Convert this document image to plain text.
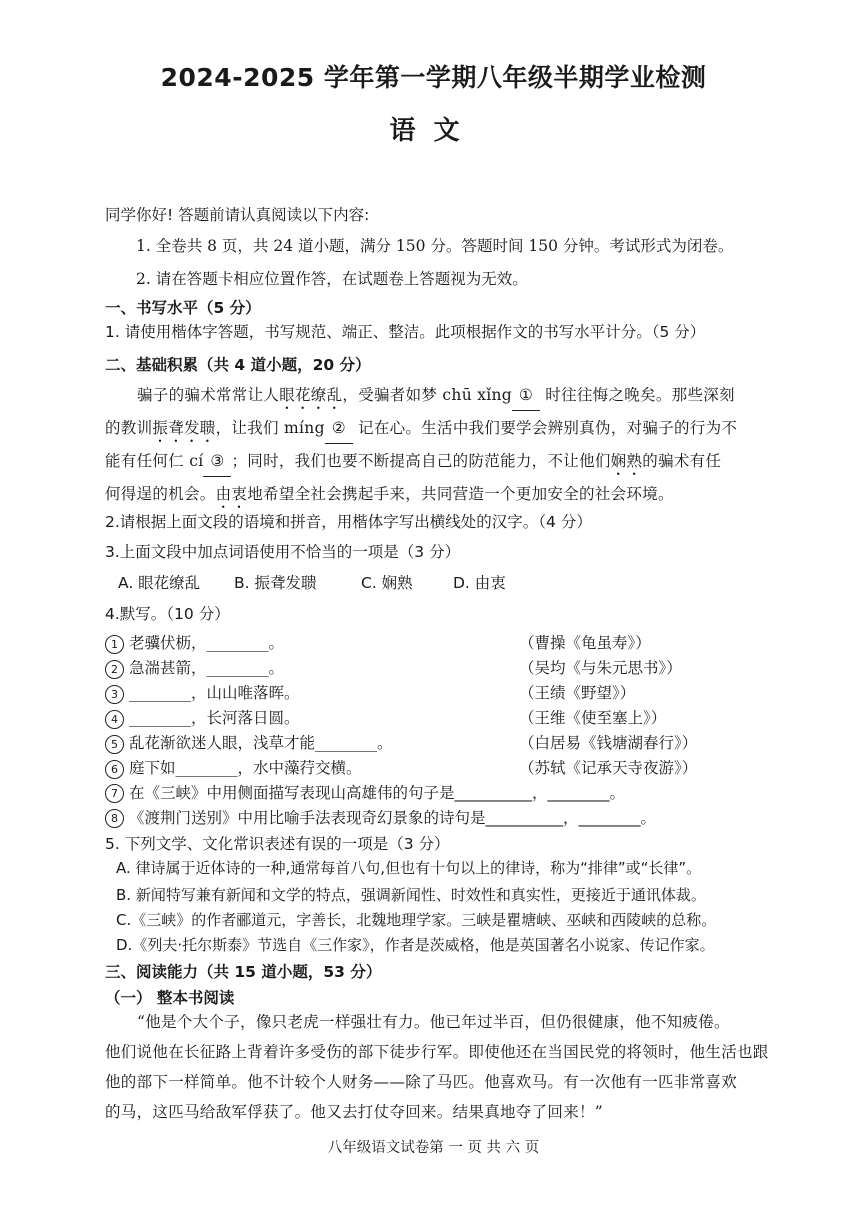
2024-2025 学年第一学期八年级半期学业检测
语文
同学你好! 答题前请认真阅读以下内容:
1. 全卷共 8 页，共 24 道小题，满分 150 分。答题时间 150 分钟。考试形式为闭卷。
2. 请在答题卡相应位置作答，在试题卷上答题视为无效。
一、书写水平（5 分）
1. 请使用楷体字答题，书写规范、端正、整洁。此项根据作文的书写水平计分。（5 分）
二、基础积累（共 4 道小题，20 分）
骗子的骗术常常让人眼花缭乱，受骗者如梦 chū xǐng ① 时往往悔之晚矣。那些深刻
的教训振聋发聩，让我们 míng ② 记在心。生活中我们要学会辨别真伪，对骗子的行为不
能有任何仁 cí ③ ；同时，我们也要不断提高自己的防范能力，不让他们娴熟的骗术有任
何得逞的机会。由衷地希望全社会携起手来，共同营造一个更加安全的社会环境。
2.请根据上面文段的语境和拼音，用楷体字写出横线处的汉字。（4 分）
3.上面文段中加点词语使用不恰当的一项是（3 分）
A. 眼花缭乱 B. 振聋发聩	C. 娴熟	D. 由衷
4.默写。（10 分）
1 老骥伏枥，________。	（曹操《龟虽寿》）
2 急湍甚箭，________。	（吴均《与朱元思书》）
3 ________，山山唯落晖。	（王绩《野望》）
4 ________，长河落日圆。	（王维《使至塞上》）
5 乱花渐欲迷人眼，浅草才能________。	（白居易《钱塘湖春行》）
6 庭下如________，水中藻荇交横。	（苏轼《记承天寺夜游》）
7 在《三峡》中用侧面描写表现山高雄伟的句子是__________，________。
8 《渡荆门送别》中用比喻手法表现奇幻景象的诗句是__________，________。
5. 下列文学、文化常识表述有误的一项是（3 分）
A. 律诗属于近体诗的一种,通常每首八句,但也有十句以上的律诗，称为“排律”或“长律”。
B. 新闻特写兼有新闻和文学的特点，强调新闻性、时效性和真实性，更接近于通讯体裁。
C.《三峡》的作者郦道元，字善长，北魏地理学家。三峡是瞿塘峡、巫峡和西陵峡的总称。
D.《列夫·托尔斯泰》节选自《三作家》，作者是茨威格，他是英国著名小说家、传记作家。
三、阅读能力（共 15 道小题，53 分）
（一） 整本书阅读
“他是个大个子，像只老虎一样强壮有力。他已年过半百，但仍很健康，他不知疲倦。
他们说他在长征路上背着许多受伤的部下徒步行军。即使他还在当国民党的将领时，他生活也跟
他的部下一样简单。他不计较个人财务——除了马匹。他喜欢马。有一次他有一匹非常喜欢
的马，这匹马给敌军俘获了。他又去打仗夺回来。结果真地夺了回来！”
八年级语文试卷第 一 页 共 六 页
